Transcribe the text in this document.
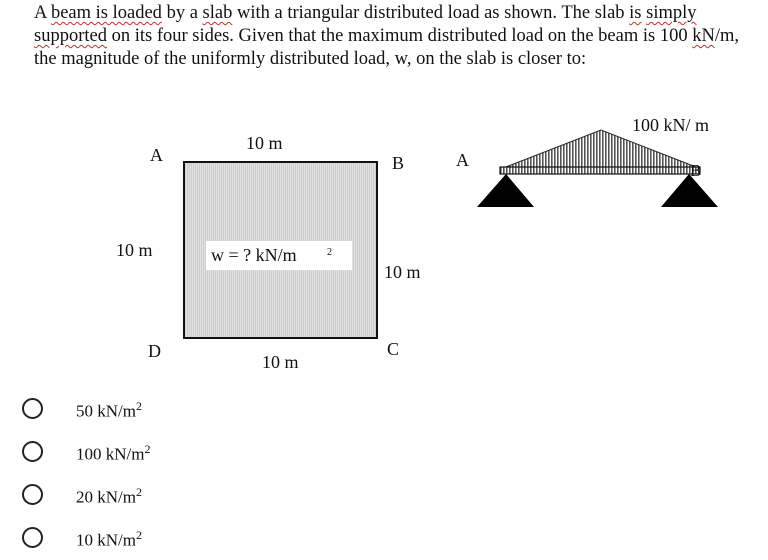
A beam is loaded by a slab with a triangular distributed load as shown. The slab is simply supported on its four sides. Given that the maximum distributed load on the beam is 100 kN/m, the magnitude of the uniformly distributed load, w, on the slab is closer to:
A
10 m
B
10 m
10 m
D	C
10 m
w = ? kN/m	2
A
100 kN/ m
B
50 $kN/m^2$
100 $kN/m^2$
20 $kN/m^2$
10 $kN/m^2$
